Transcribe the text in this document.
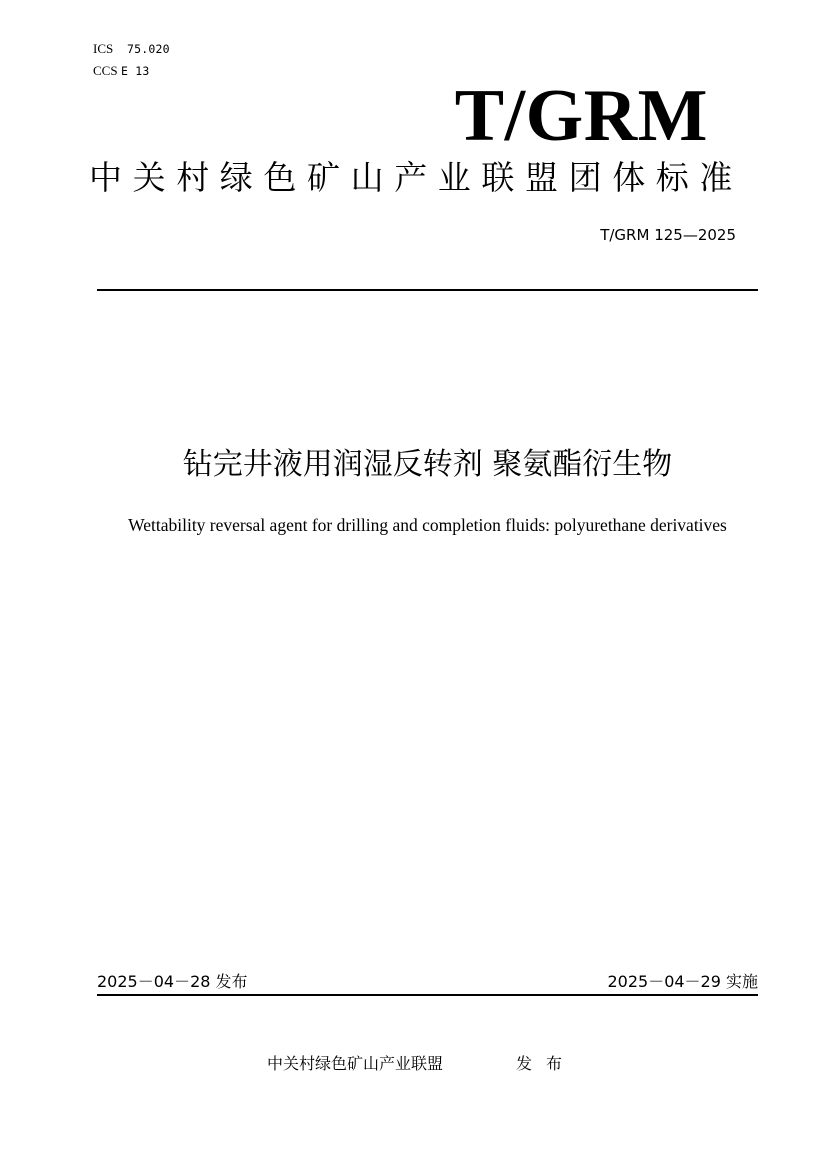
ICS	75.020
CCS E 13
T/GRM
中关村绿色矿山产业联盟团体标准
T/GRM 125—2025
钻完井液用润湿反转剂 聚氨酯衍生物
Wettability reversal agent for drilling and completion fluids: polyurethane derivatives
2025－04－28 发布	2025－04－29 实施
中关村绿色矿山产业联盟	发布
